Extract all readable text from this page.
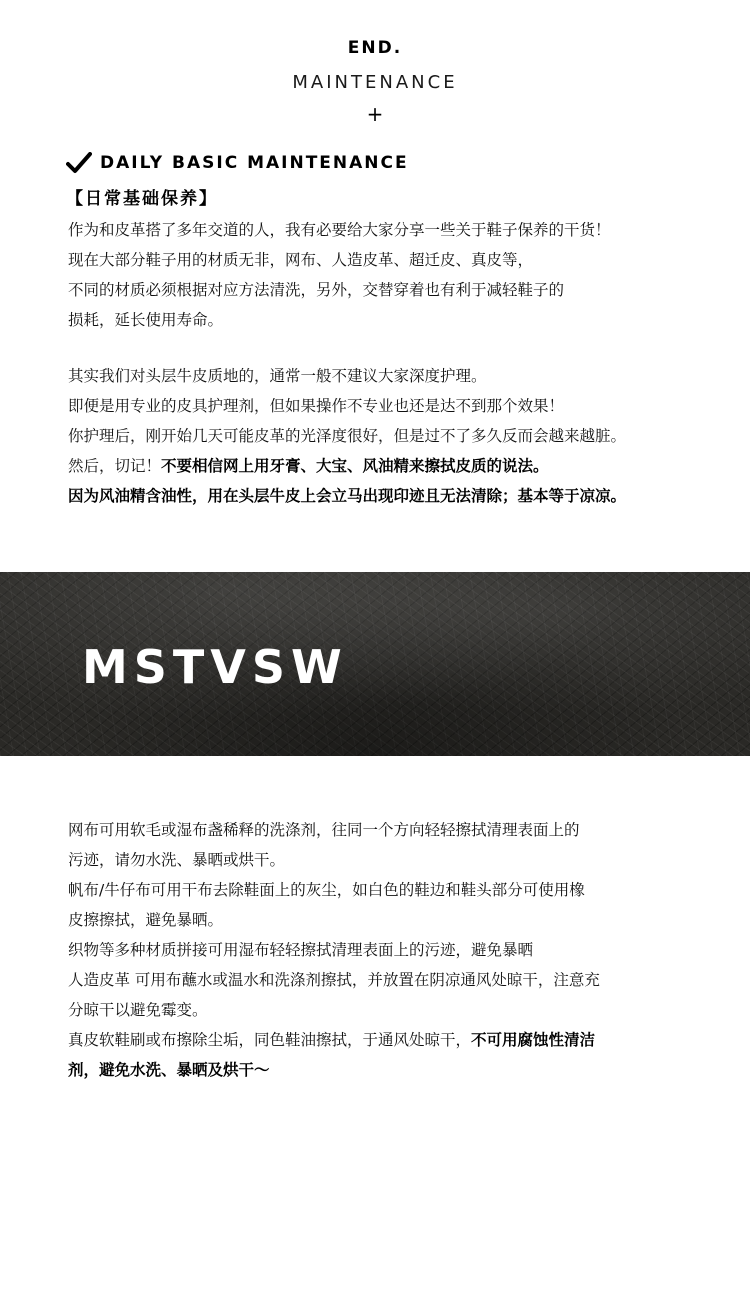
END.
MAINTENANCE
+
DAILY BASIC MAINTENANCE
【日常基础保养】
作为和皮革搭了多年交道的人，我有必要给大家分享一些关于鞋子保养的干货！
现在大部分鞋子用的材质无非，网布、人造皮革、超迁皮、真皮等，
不同的材质必须根据对应方法清洗，另外，交替穿着也有利于减轻鞋子的
损耗，延长使用寿命。
其实我们对头层牛皮质地的，通常一般不建议大家深度护理。
即便是用专业的皮具护理剂，但如果操作不专业也还是达不到那个效果！
你护理后，刚开始几天可能皮革的光泽度很好，但是过不了多久反而会越来越脏。
然后，切记！不要相信网上用牙膏、大宝、风油精来擦拭皮质的说法。
因为风油精含油性，用在头层牛皮上会立马出现印迹且无法清除；基本等于凉凉。
MSTVSW
网布可用软毛或湿布盏稀释的洗涤剂，往同一个方向轻轻擦拭清理表面上的
污迹，请勿水洗、暴晒或烘干。
帆布/牛仔布可用干布去除鞋面上的灰尘，如白色的鞋边和鞋头部分可使用橡
皮擦擦拭，避免暴晒。
织物等多种材质拼接可用湿布轻轻擦拭清理表面上的污迹，避免暴晒
人造皮革 可用布蘸水或温水和洗涤剂擦拭，并放置在阴凉通风处晾干，注意充
分晾干以避免霉变。
真皮软鞋刷或布擦除尘垢，同色鞋油擦拭，于通风处晾干，不可用腐蚀性清洁
剂，避免水洗、暴晒及烘干～
